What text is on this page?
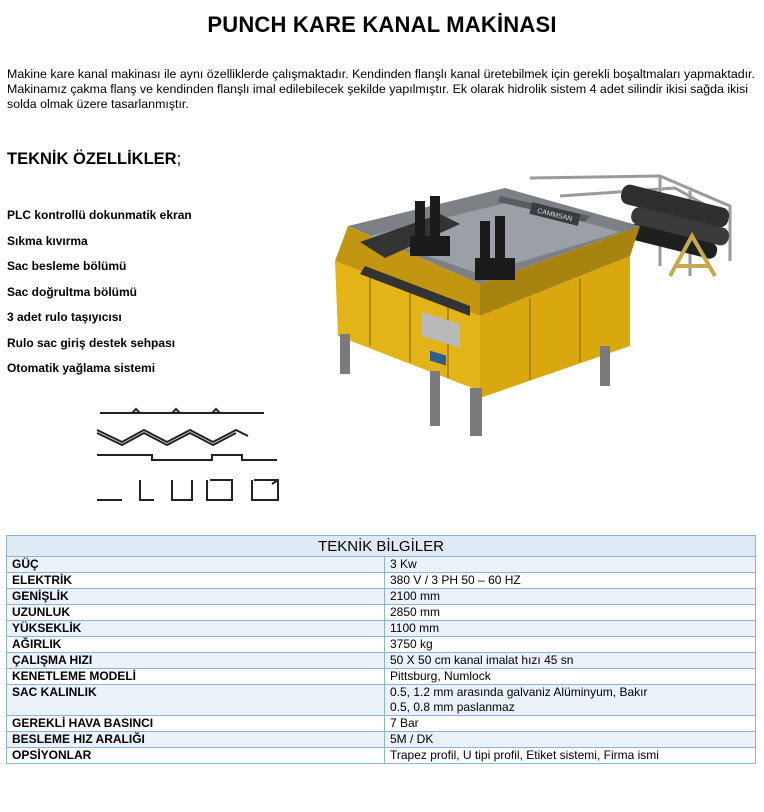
PUNCH KARE KANAL MAKİNASI
Makine kare kanal makinası ile aynı özelliklerde çalışmaktadır. Kendinden flanşlı kanal üretebilmek için gerekli boşaltmaları yapmaktadır. Makinamız çakma flanş ve kendinden flanşlı imal edilebilecek şekilde yapılmıştır. Ek olarak hidrolik sistem 4 adet silindir ikisi sağda ikisi solda olmak üzere tasarlanmıştır.
TEKNİK ÖZELLİKLER;
PLC kontrollü dokunmatik ekran
Sıkma kıvırma
Sac besleme bölümü
Sac doğrultma bölümü
3 adet rulo taşıyıcısı
Rulo sac giriş destek sehpası
Otomatik yağlama sistemi
CAMMSAN
TEKNİK BİLGİLER	
GÜÇ	3 Kw
ELEKTRİK	380 V / 3 PH 50 – 60 HZ
GENİŞLİK	2100 mm
UZUNLUK	2850 mm
YÜKSEKLİK	1100 mm
AĞIRLIK	3750 kg
ÇALIŞMA HIZI	50 X 50 cm kanal imalat hızı 45 sn
KENETLEME MODELİ	Pittsburg, Numlock
SAC KALINLIK	0.5, 1.2 mm arasında galvaniz Alüminyum, Bakır
0.5, 0.8 mm paslanmaz

GEREKLİ HAVA BASINCI	7 Bar
BESLEME HIZ ARALIĞI	5M / DK
OPSİYONLAR	Trapez profil, U tipi profil, Etiket sistemi, Firma ismi
